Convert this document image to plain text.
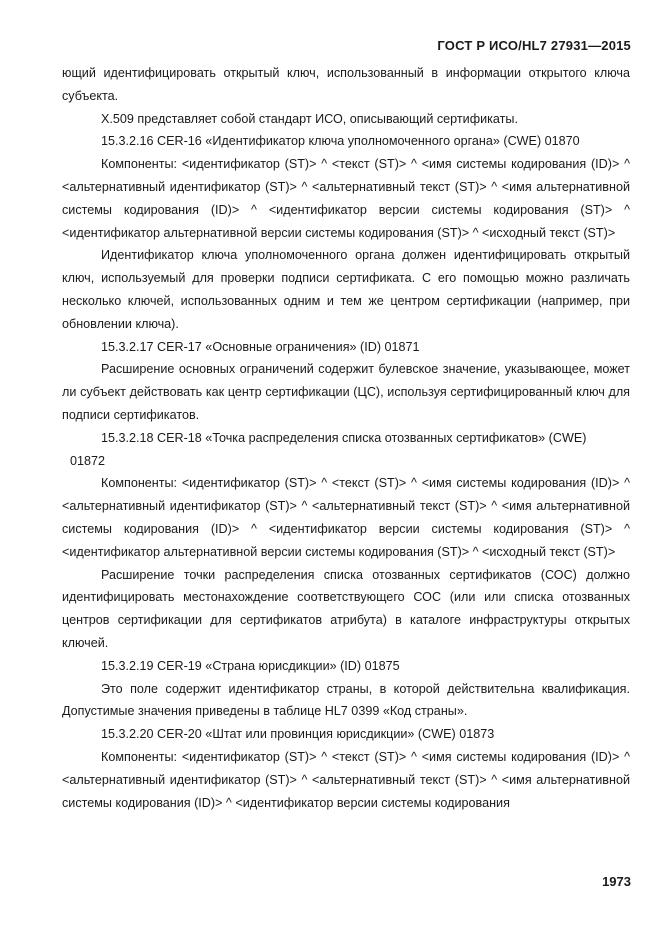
ГОСТ Р ИСО/HL7 27931—2015

ющий идентифицировать открытый ключ, использованный в информации открытого ключа субъекта.

X.509 представляет собой стандарт ИСО, описывающий сертификаты.

15.3.2.16 CER-16 «Идентификатор ключа уполномоченного органа» (CWE) 01870

Компоненты: <идентификатор (ST)> ^ <текст (ST)> ^ <имя системы кодирования (ID)> ^ <альтернативный идентификатор (ST)> ^ <альтернативный текст (ST)> ^ <имя альтернативной системы кодирования (ID)> ^ <идентификатор версии системы кодирования (ST)> ^ <идентификатор альтернативной версии системы кодирования (ST)> ^ <исходный текст (ST)>

Идентификатор ключа уполномоченного органа должен идентифицировать открытый ключ, используемый для проверки подписи сертификата. С его помощью можно различать несколько ключей, использованных одним и тем же центром сертификации (например, при обновлении ключа).

15.3.2.17 CER-17 «Основные ограничения» (ID) 01871

Расширение основных ограничений содержит булевское значение, указывающее, может ли субъект действовать как центр сертификации (ЦС), используя сертифицированный ключ для подписи сертификатов.

15.3.2.18 CER-18 «Точка распределения списка отозванных сертификатов» (CWE)

01872

Компоненты: <идентификатор (ST)> ^ <текст (ST)> ^ <имя системы кодирования (ID)> ^ <альтернативный идентификатор (ST)> ^ <альтернативный текст (ST)> ^ <имя альтернативной системы кодирования (ID)> ^ <идентификатор версии системы кодирования (ST)> ^ <идентификатор альтернативной версии системы кодирования (ST)> ^ <исходный текст (ST)>

Расширение точки распределения списка отозванных сертификатов (СОС) должно идентифицировать местонахождение соответствующего СОС (или или списка отозванных центров сертификации для сертификатов атрибута) в каталоге инфраструктуры открытых ключей.

15.3.2.19 CER-19 «Страна юрисдикции» (ID) 01875

Это поле содержит идентификатор страны, в которой действительна квалификация. Допустимые значения приведены в таблице HL7 0399 «Код страны».

15.3.2.20 CER-20 «Штат или провинция юрисдикции» (CWE) 01873

Компоненты: <идентификатор (ST)> ^ <текст (ST)> ^ <имя системы кодирования (ID)> ^ <альтернативный идентификатор (ST)> ^ <альтернативный текст (ST)> ^ <имя альтернативной системы кодирования (ID)> ^ <идентификатор версии системы кодирования

1973
